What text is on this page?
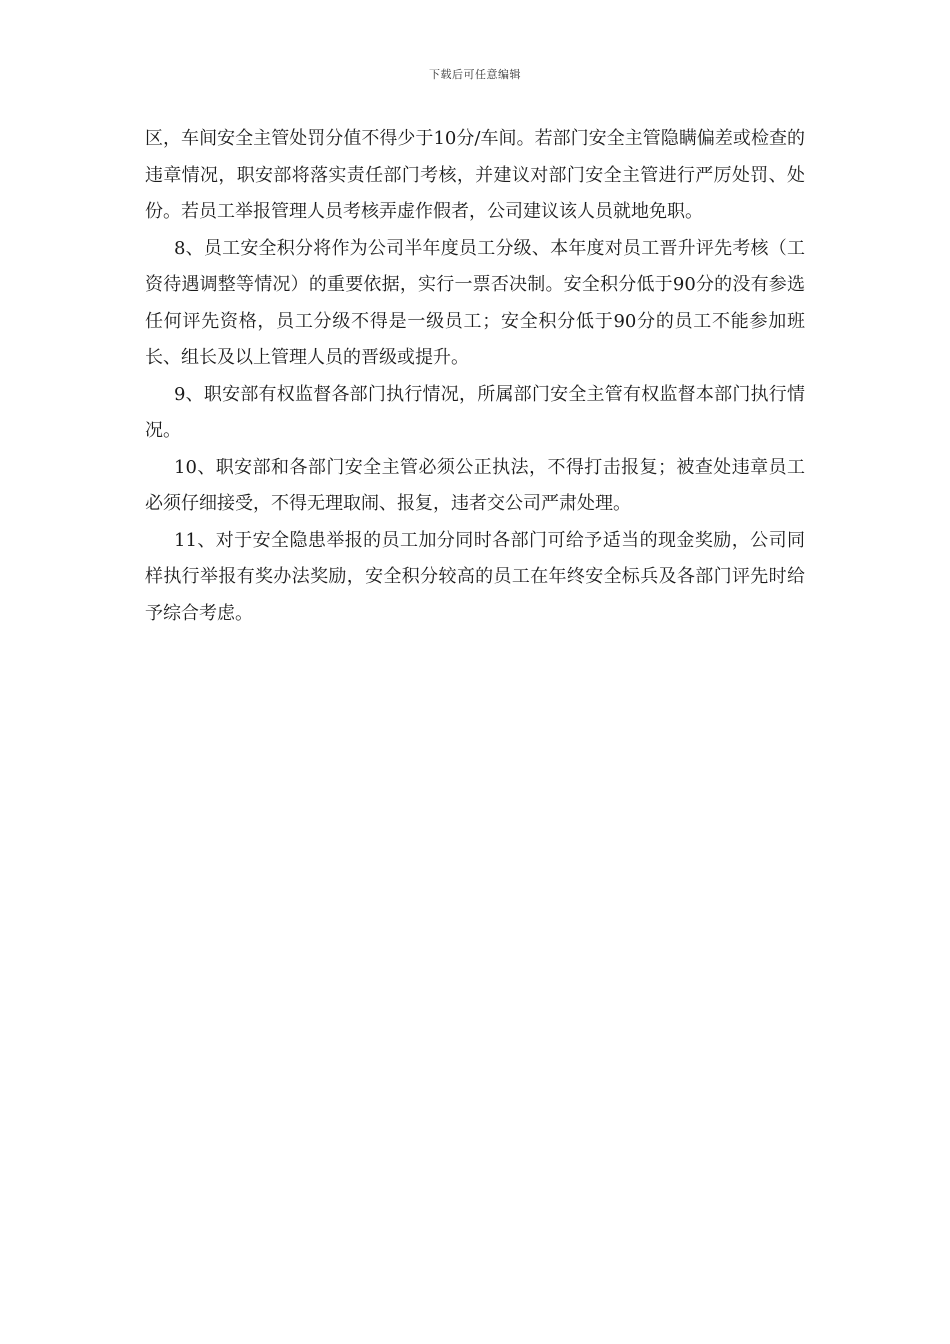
下载后可任意编辑

区，车间安全主管处罚分值不得少于10分/车间。若部门安全主管隐瞒偏差或检查的违章情况，职安部将落实责任部门考核，并建议对部门安全主管进行严厉处罚、处份。若员工举报管理人员考核弄虚作假者，公司建议该人员就地免职。

8、员工安全积分将作为公司半年度员工分级、本年度对员工晋升评先考核（工资待遇调整等情况）的重要依据，实行一票否决制。安全积分低于90分的没有参选任何评先资格，员工分级不得是一级员工；安全积分低于90分的员工不能参加班长、组长及以上管理人员的晋级或提升。

9、职安部有权监督各部门执行情况，所属部门安全主管有权监督本部门执行情况。

10、职安部和各部门安全主管必须公正执法，不得打击报复；被查处违章员工必须仔细接受，不得无理取闹、报复，违者交公司严肃处理。

11、对于安全隐患举报的员工加分同时各部门可给予适当的现金奖励，公司同样执行举报有奖办法奖励，安全积分较高的员工在年终安全标兵及各部门评先时给予综合考虑。
